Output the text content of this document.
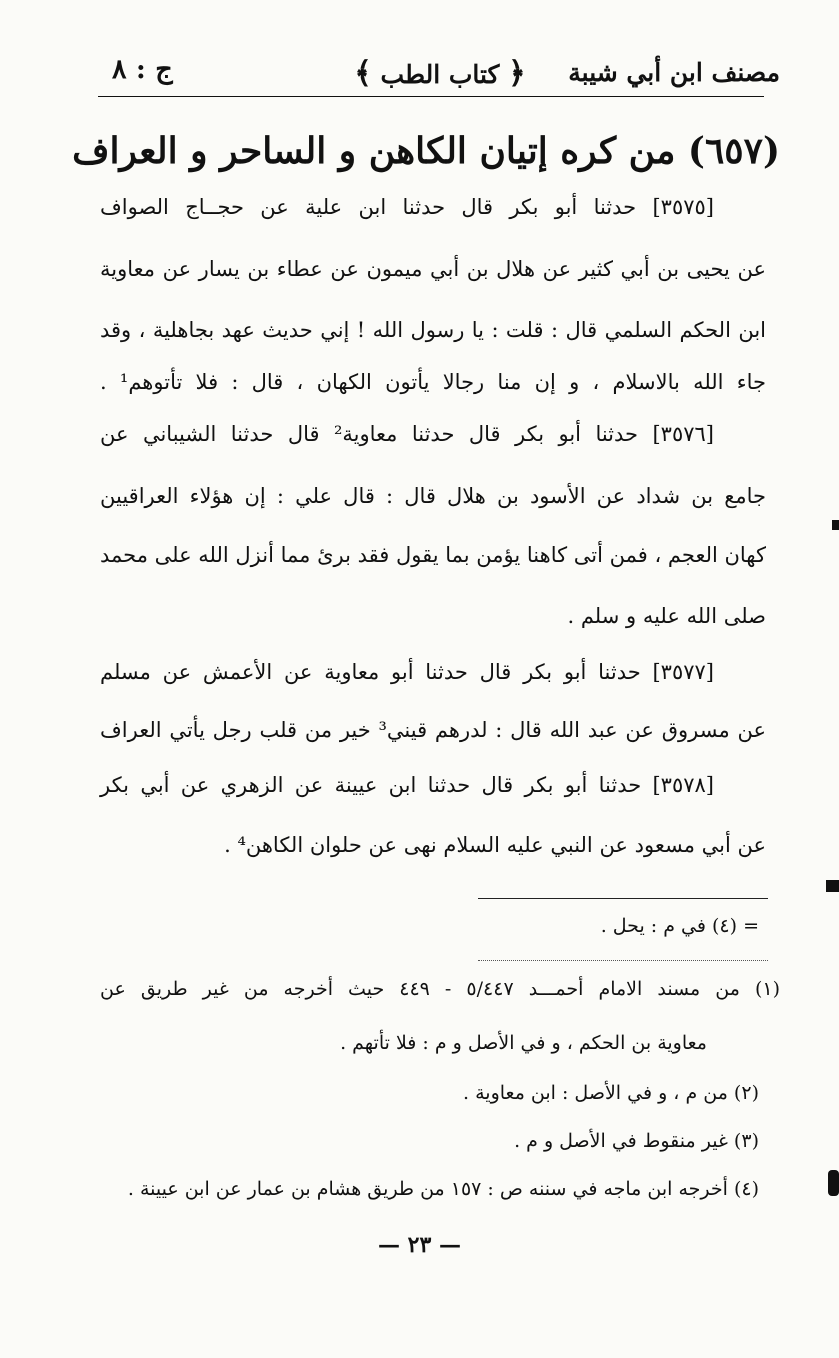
مصنف ابن أبي شيبة
﴿ كتاب الطب ﴾
ج : ٨
(٦٥٧) من كره إتيان الكاهن و الساحر و العراف
[٣٥٧٥] حدثنا أبو بكر قال حدثنا ابن علية عن حجــاج الصواف
عن يحيى بن أبي كثير عن هلال بن أبي ميمون عن عطاء بن يسار عن معاوية
ابن الحكم السلمي قال : قلت : يا رسول الله ! إني حديث عهد بجاهلية ، وقد
جاء الله بالاسلام ، و إن منا رجالا يأتون الكهان ، قال : فلا تأتوهم¹ .
[٣٥٧٦] حدثنا أبو بكر قال حدثنا معاوية² قال حدثنا الشيباني عن
جامع بن شداد عن الأسود بن هلال قال : قال علي : إن هؤلاء العراقيين
كهان العجم ، فمن أتى كاهنا يؤمن بما يقول فقد برئ مما أنزل الله على محمد
صلى الله عليه و سلم .
[٣٥٧٧] حدثنا أبو بكر قال حدثنا أبو معاوية عن الأعمش عن مسلم
عن مسروق عن عبد الله قال : لدرهم قيني³ خير من قلب رجل يأتي العراف
[٣٥٧٨] حدثنا أبو بكر قال حدثنا ابن عيينة عن الزهري عن أبي بكر
عن أبي مسعود عن النبي عليه السلام نهى عن حلوان الكاهن⁴ .
= (٤) في م : يحل .
(١) من مسند الامام أحمـــد ٥/٤٤٧ - ٤٤٩ حيث أخرجه من غير طريق عن
معاوية بن الحكم ، و في الأصل و م : فلا تأتهم .
(٢) من م ، و في الأصل : ابن معاوية .
(٣) غير منقوط في الأصل و م .
(٤) أخرجه ابن ماجه في سننه ص : ١٥٧ من طريق هشام بن عمار عن ابن عيينة .
— ٢٣ —
